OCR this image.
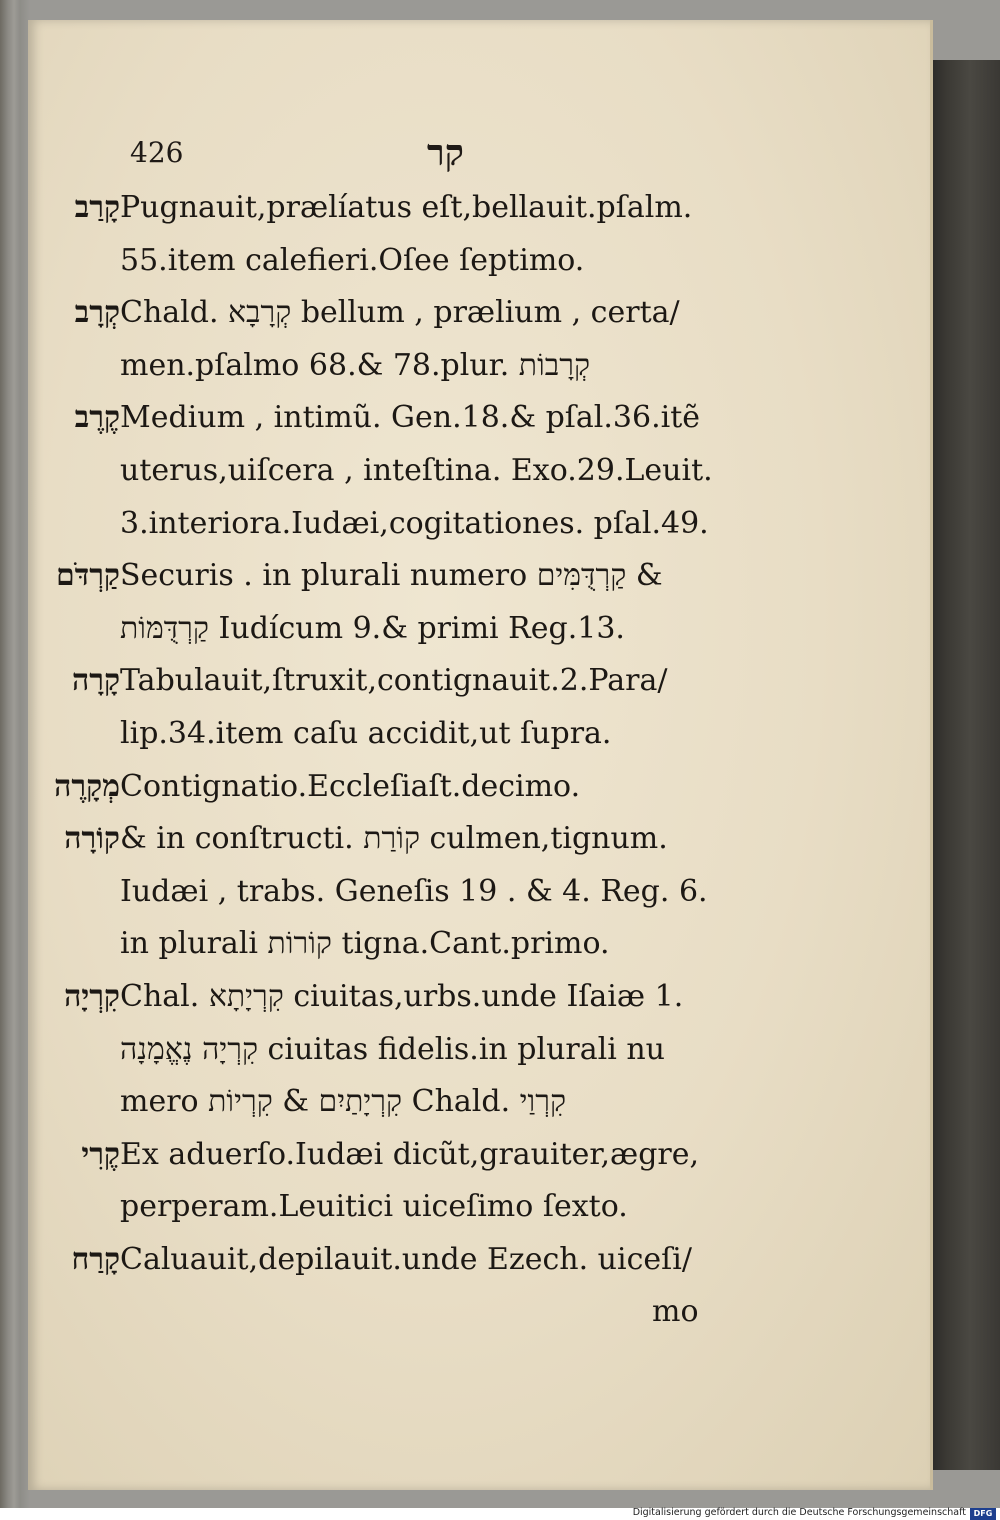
426	קר
קָרַב Pugnauit,prælíatus eſt,bellauit.pſalm.
55.item calefieri.Oſee ſeptimo.
קְרָב Chald. קְרָבָא bellum , prælium , certa/
men.pſalmo 68.& 78.plur. קְרָבוֹת
קֶרֶב Medium , intimũ. Gen.18.& pſal.36.itẽ
uterus,uiſcera , inteſtina. Exo.29.Leuit.
3.interiora.Iudæi,cogitationes. pſal.49.
קַרְדֹּם Securis . in plurali numero קַרְדֻּמִּים &
קַרְדֻּמּוֹת Iudícum 9.& primi Reg.13.
קָרָה Tabulauit,ſtruxit,contignauit.2.Para/
lip.34.item caſu accidit,ut ſupra.
מְקָרֶה Contignatio.Eccleſiaſt.decimo.
קוֹרָה & in conſtructi. קוֹרַת culmen,tignum.
Iudæi , trabs. Geneſis 19 . & 4. Reg. 6.
in plurali קוֹרוֹת tigna.Cant.primo.
קִרְיָה Chal. קִרְיָתָא ciuitas,urbs.unde Iſaiæ 1.
קִרְיָה נֶאֱמָנָה ciuitas fidelis.in plurali nu
mero קִרְיָתַיִם & קִרְיוֹת Chald. קִרְוַי
קֶרִי Ex aduerſo.Iudæi dicũt,grauiter,ægre,
perperam.Leuitici uiceſimo ſexto.
קָרַח Caluauit,depilauit.unde Ezech. uiceſi/
mo
Digitalisierung gefördert durch die Deutsche Forschungsgemeinschaft DFG
